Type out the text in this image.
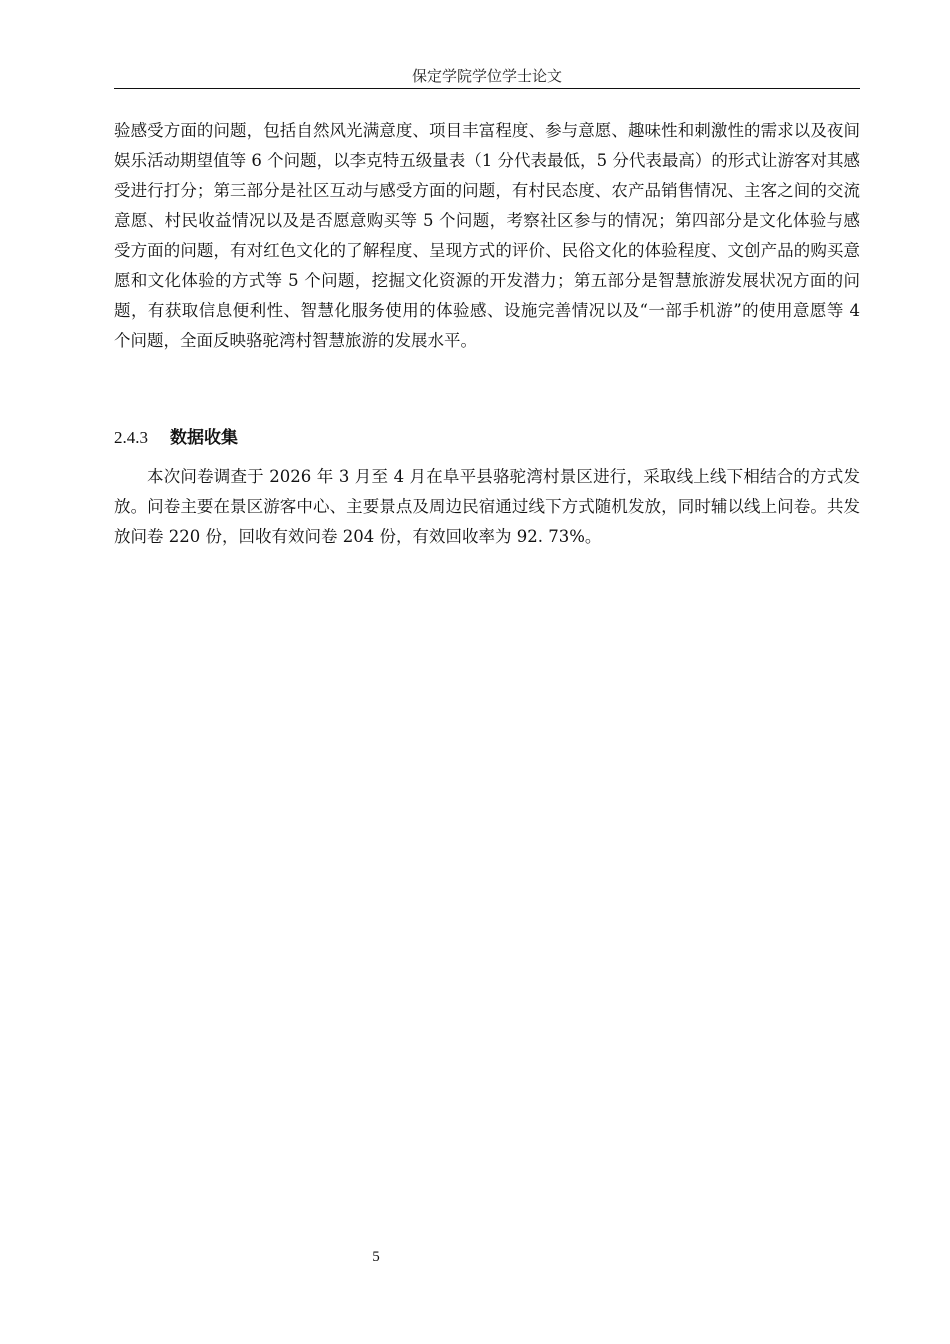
保定学院学位学士论文

验感受方面的问题，包括自然风光满意度、项目丰富程度、参与意愿、趣味性和刺激性的需求以及夜间娱乐活动期望值等 6 个问题，以李克特五级量表（1 分代表最低，5 分代表最高）的形式让游客对其感受进行打分；第三部分是社区互动与感受方面的问题，有村民态度、农产品销售情况、主客之间的交流意愿、村民收益情况以及是否愿意购买等 5 个问题，考察社区参与的情况；第四部分是文化体验与感受方面的问题，有对红色文化的了解程度、呈现方式的评价、民俗文化的体验程度、文创产品的购买意愿和文化体验的方式等 5 个问题，挖掘文化资源的开发潜力；第五部分是智慧旅游发展状况方面的问题，有获取信息便利性、智慧化服务使用的体验感、设施完善情况以及“一部手机游”的使用意愿等 4 个问题，全面反映骆驼湾村智慧旅游的发展水平。

2.4.3 数据收集

本次问卷调查于 2026 年 3 月至 4 月在阜平县骆驼湾村景区进行，采取线上线下相结合的方式发放。问卷主要在景区游客中心、主要景点及周边民宿通过线下方式随机发放，同时辅以线上问卷。共发放问卷 220 份，回收有效问卷 204 份，有效回收率为 92. 73%。

5
